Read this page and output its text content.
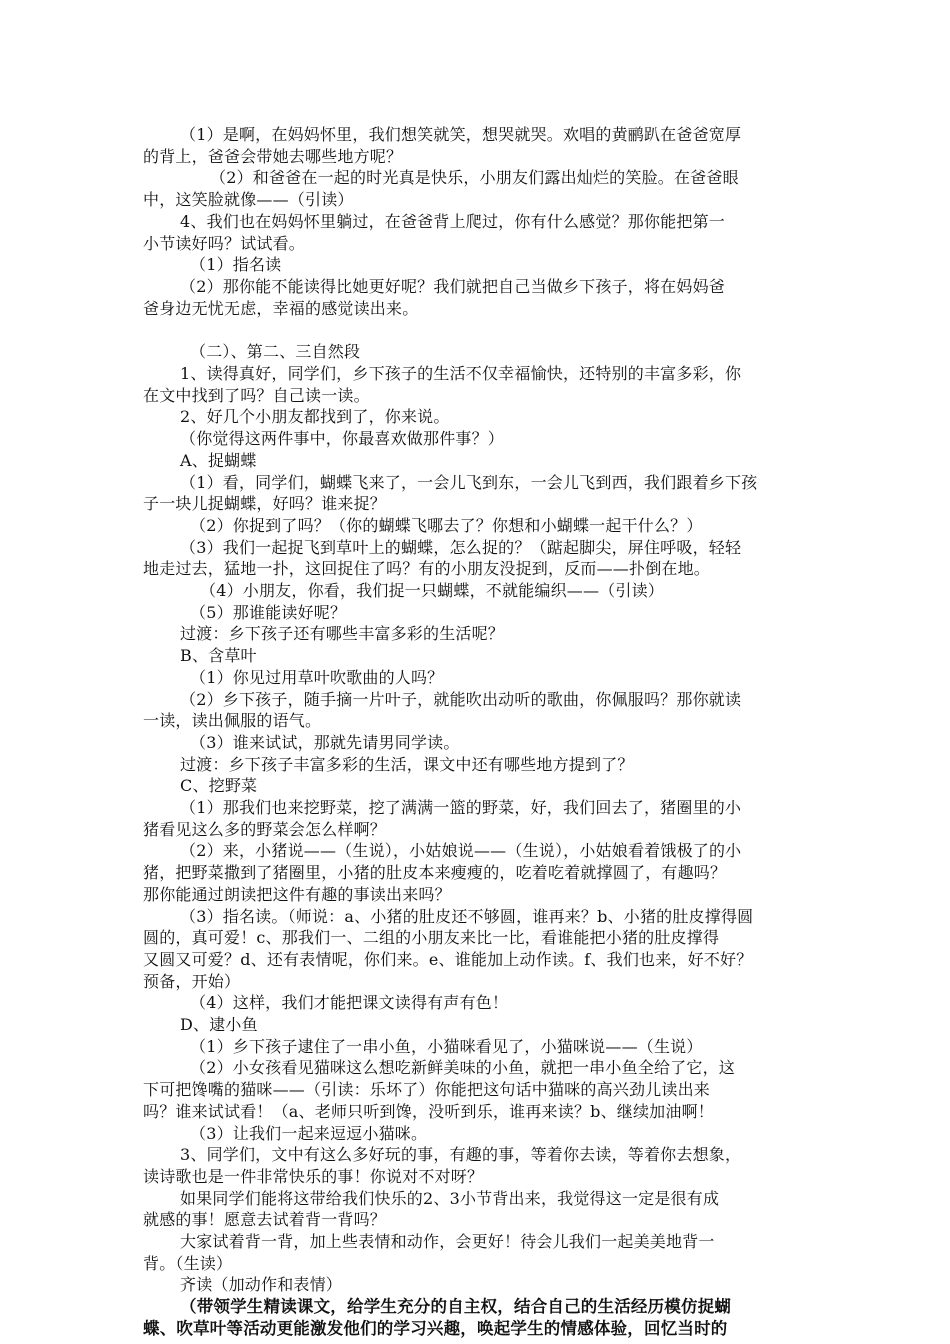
（1）是啊，在妈妈怀里，我们想笑就笑，想哭就哭。欢唱的黄鹂趴在爸爸宽厚
的背上，爸爸会带她去哪些地方呢？
（2）和爸爸在一起的时光真是快乐，小朋友们露出灿烂的笑脸。在爸爸眼
中，这笑脸就像——（引读）
4、我们也在妈妈怀里躺过，在爸爸背上爬过，你有什么感觉？那你能把第一
小节读好吗？试试看。
（1）指名读
（2）那你能不能读得比她更好呢？我们就把自己当做乡下孩子，将在妈妈爸
爸身边无忧无虑，幸福的感觉读出来。
（二）、第二、三自然段
1、读得真好，同学们，乡下孩子的生活不仅幸福愉快，还特别的丰富多彩，你
在文中找到了吗？自己读一读。
2、好几个小朋友都找到了，你来说。
（你觉得这两件事中，你最喜欢做那件事？）
A、捉蝴蝶
（1）看，同学们，蝴蝶飞来了，一会儿飞到东，一会儿飞到西，我们跟着乡下孩
子一块儿捉蝴蝶，好吗？谁来捉？
（2）你捉到了吗？（你的蝴蝶飞哪去了？你想和小蝴蝶一起干什么？）
（3）我们一起捉飞到草叶上的蝴蝶，怎么捉的？（踮起脚尖，屏住呼吸，轻轻
地走过去，猛地一扑，这回捉住了吗？有的小朋友没捉到，反而——扑倒在地。
（4）小朋友，你看，我们捉一只蝴蝶，不就能编织——（引读）
（5）那谁能读好呢？
过渡：乡下孩子还有哪些丰富多彩的生活呢？
B、含草叶
（1）你见过用草叶吹歌曲的人吗？
（2）乡下孩子，随手摘一片叶子，就能吹出动听的歌曲，你佩服吗？那你就读
一读，读出佩服的语气。
（3）谁来试试，那就先请男同学读。
过渡：乡下孩子丰富多彩的生活，课文中还有哪些地方提到了？
C、挖野菜
（1）那我们也来挖野菜，挖了满满一篮的野菜，好，我们回去了，猪圈里的小
猪看见这么多的野菜会怎么样啊？
（2）来，小猪说——（生说），小姑娘说——（生说），小姑娘看着饿极了的小
猪，把野菜撒到了猪圈里，小猪的肚皮本来瘦瘦的，吃着吃着就撑圆了，有趣吗？
那你能通过朗读把这件有趣的事读出来吗？
（3）指名读。（师说：a、小猪的肚皮还不够圆，谁再来？b、小猪的肚皮撑得圆
圆的，真可爱！c、那我们一、二组的小朋友来比一比，看谁能把小猪的肚皮撑得
又圆又可爱？d、还有表情呢，你们来。e、谁能加上动作读。f、我们也来，好不好？
预备，开始）
（4）这样，我们才能把课文读得有声有色！
D、逮小鱼
（1）乡下孩子逮住了一串小鱼，小猫咪看见了，小猫咪说——（生说）
（2）小女孩看见猫咪这么想吃新鲜美味的小鱼，就把一串小鱼全给了它，这
下可把馋嘴的猫咪——（引读：乐坏了）你能把这句话中猫咪的高兴劲儿读出来
吗？谁来试试看！（a、老师只听到馋，没听到乐，谁再来读？b、继续加油啊！
（3）让我们一起来逗逗小猫咪。
3、同学们，文中有这么多好玩的事，有趣的事，等着你去读，等着你去想象，
读诗歌也是一件非常快乐的事！你说对不对呀？
如果同学们能将这带给我们快乐的2、3小节背出来，我觉得这一定是很有成
就感的事！愿意去试着背一背吗？
大家试着背一背，加上些表情和动作，会更好！待会儿我们一起美美地背一
背。（生读）
齐读（加动作和表情）
（带领学生精读课文，给学生充分的自主权，结合自己的生活经历模仿捉蝴
蝶、吹草叶等活动更能激发他们的学习兴趣，唤起学生的情感体验，回忆当时的
